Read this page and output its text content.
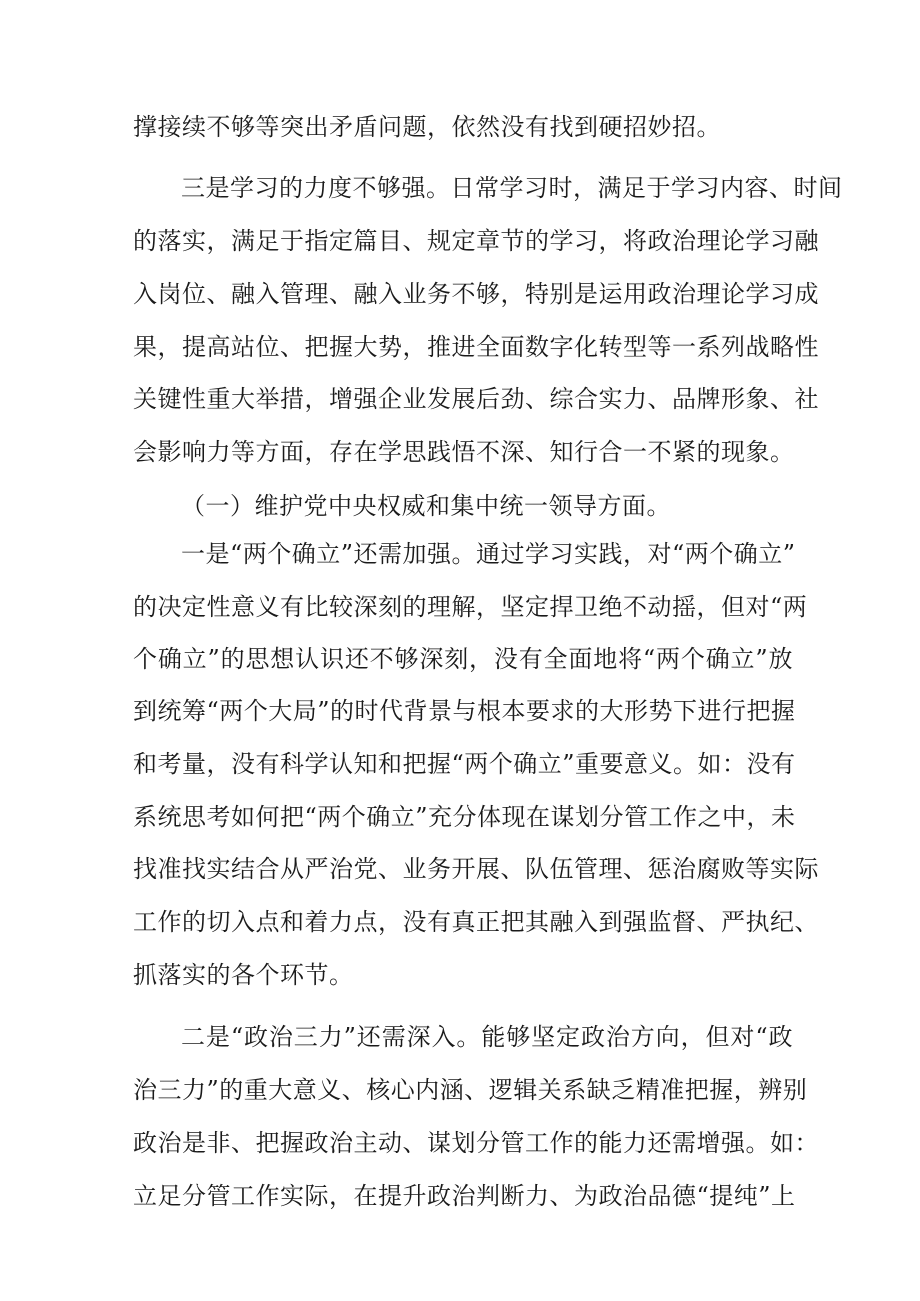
撑接续不够等突出矛盾问题，依然没有找到硬招妙招。

三是学习的力度不够强。日常学习时，满足于学习内容、时间

的落实，满足于指定篇目、规定章节的学习，将政治理论学习融

入岗位、融入管理、融入业务不够，特别是运用政治理论学习成

果，提高站位、把握大势，推进全面数字化转型等一系列战略性

关键性重大举措，增强企业发展后劲、综合实力、品牌形象、社

会影响力等方面，存在学思践悟不深、知行合一不紧的现象。

（一）维护党中央权威和集中统一领导方面。

一是“两个确立”还需加强。通过学习实践，对“两个确立”

的决定性意义有比较深刻的理解，坚定捍卫绝不动摇，但对“两

个确立”的思想认识还不够深刻，没有全面地将“两个确立”放

到统筹“两个大局”的时代背景与根本要求的大形势下进行把握

和考量，没有科学认知和把握“两个确立”重要意义。如：没有

系统思考如何把“两个确立”充分体现在谋划分管工作之中，未

找准找实结合从严治党、业务开展、队伍管理、惩治腐败等实际

工作的切入点和着力点，没有真正把其融入到强监督、严执纪、

抓落实的各个环节。

二是“政治三力”还需深入。能够坚定政治方向，但对“政

治三力”的重大意义、核心内涵、逻辑关系缺乏精准把握，辨别

政治是非、把握政治主动、谋划分管工作的能力还需增强。如：

立足分管工作实际，在提升政治判断力、为政治品德“提纯”上
